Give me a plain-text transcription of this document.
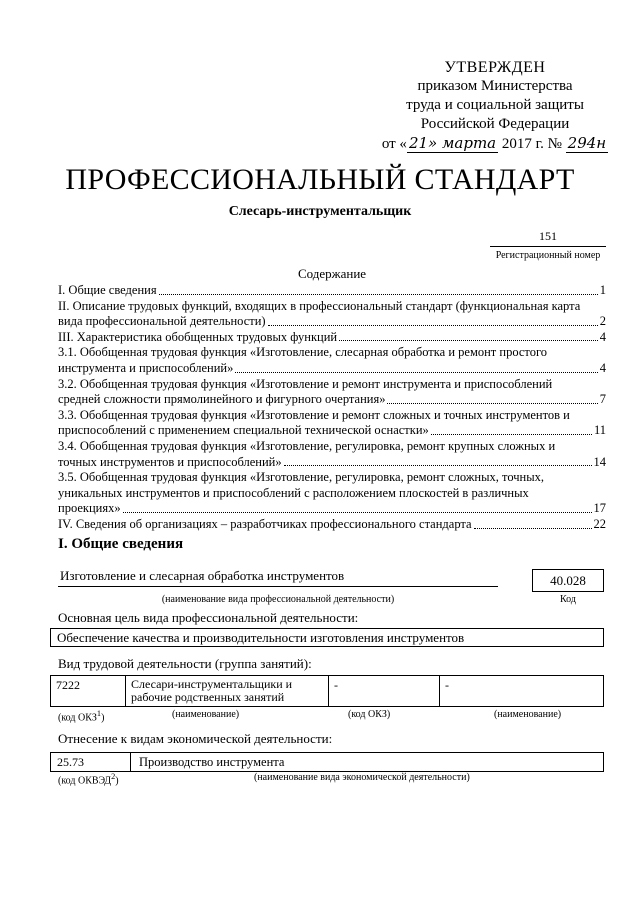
УТВЕРЖДЕН
приказом Министерства
труда и социальной защиты
Российской Федерации
от « 21» марта 2017 г. № 294н
ПРОФЕССИОНАЛЬНЫЙ СТАНДАРТ
Слесарь-инструментальщик
151
Регистрационный номер
Содержание
I. Общие сведения	1
II. Описание трудовых функций, входящих в профессиональный стандарт (функциональная карта
вида профессиональной деятельности)	2
III. Характеристика обобщенных трудовых функций	4
3.1. Обобщенная трудовая функция «Изготовление, слесарная обработка и ремонт простого
инструмента и приспособлений»	4
3.2. Обобщенная трудовая функция «Изготовление и ремонт инструмента и приспособлений
средней сложности прямолинейного и фигурного очертания»	7
3.3. Обобщенная трудовая функция «Изготовление и ремонт сложных и точных инструментов и
приспособлений с применением специальной технической оснастки»	11
3.4. Обобщенная трудовая функция «Изготовление, регулировка, ремонт крупных сложных и
точных инструментов и приспособлений»	14
3.5. Обобщенная трудовая функция «Изготовление, регулировка, ремонт сложных, точных,
уникальных инструментов и приспособлений с расположением плоскостей в различных
проекциях»	17
IV. Сведения об организациях – разработчиках профессионального стандарта	22
I. Общие сведения
Изготовление и слесарная обработка инструментов
(наименование вида профессиональной деятельности)
40.028
Код
Основная цель вида профессиональной деятельности:
Обеспечение качества и производительности изготовления инструментов
Вид трудовой деятельности (группа занятий):
7222	Слесари-инструментальщики и
рабочие родственных занятий
	-	-
(код ОКЗ$^1$)	(наименование)	(код ОКЗ)	(наименование)
Отнесение к видам экономической деятельности:
25.73	Производство инструмента
(код ОКВЭД$^2$)	(наименование вида экономической деятельности)
